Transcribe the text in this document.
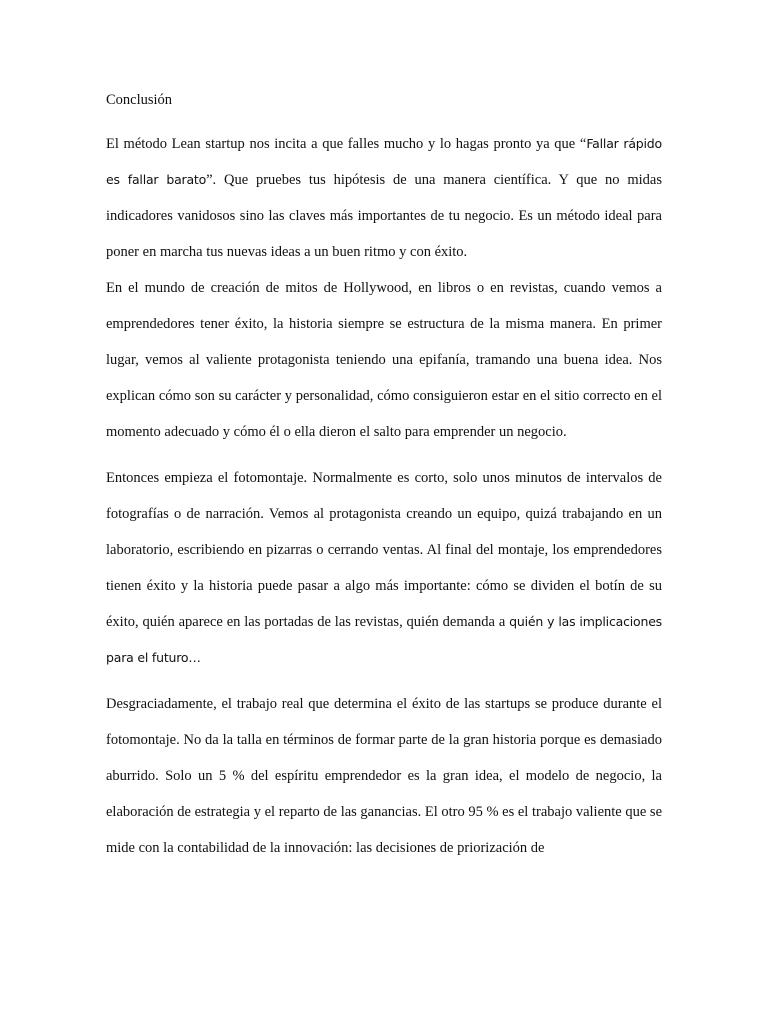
Conclusión

El método Lean startup nos incita a que falles mucho y lo hagas pronto ya que “Fallar rápido es fallar barato”. Que pruebes tus hipótesis de una manera científica. Y que no midas indicadores vanidosos sino las claves más importantes de tu negocio. Es un método ideal para poner en marcha tus nuevas ideas a un buen ritmo y con éxito.

En el mundo de creación de mitos de Hollywood, en libros o en revistas, cuando vemos a emprendedores tener éxito, la historia siempre se estructura de la misma manera. En primer lugar, vemos al valiente protagonista teniendo una epifanía, tramando una buena idea. Nos explican cómo son su carácter y personalidad, cómo consiguieron estar en el sitio correcto en el momento adecuado y cómo él o ella dieron el salto para emprender un negocio.

Entonces empieza el fotomontaje. Normalmente es corto, solo unos minutos de intervalos de fotografías o de narración. Vemos al protagonista creando un equipo, quizá trabajando en un laboratorio, escribiendo en pizarras o cerrando ventas. Al final del montaje, los emprendedores tienen éxito y la historia puede pasar a algo más importante: cómo se dividen el botín de su éxito, quién aparece en las portadas de las revistas, quién demanda a quién y las implicaciones para el futuro…

Desgraciadamente, el trabajo real que determina el éxito de las startups se produce durante el fotomontaje. No da la talla en términos de formar parte de la gran historia porque es demasiado aburrido. Solo un 5 % del espíritu emprendedor es la gran idea, el modelo de negocio, la elaboración de estrategia y el reparto de las ganancias. El otro 95 % es el trabajo valiente que se mide con la contabilidad de la innovación: las decisiones de priorización de
